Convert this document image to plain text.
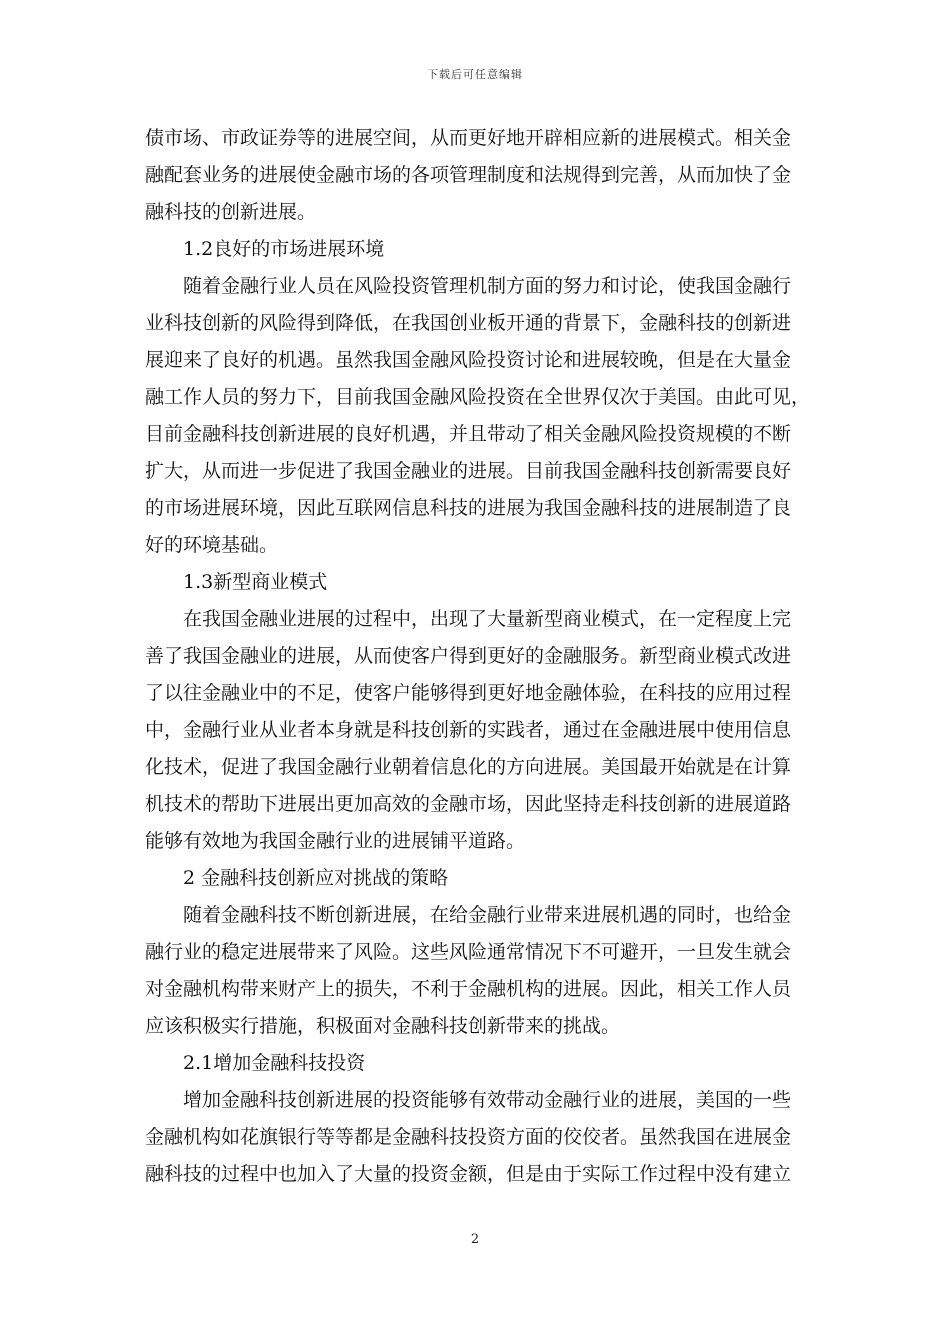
下载后可任意编辑
债市场、市政证券等的进展空间，从而更好地开辟相应新的进展模式。相关金
融配套业务的进展使金融市场的各项管理制度和法规得到完善，从而加快了金
融科技的创新进展。
1.2良好的市场进展环境
随着金融行业人员在风险投资管理机制方面的努力和讨论，使我国金融行
业科技创新的风险得到降低，在我国创业板开通的背景下，金融科技的创新进
展迎来了良好的机遇。虽然我国金融风险投资讨论和进展较晚，但是在大量金
融工作人员的努力下，目前我国金融风险投资在全世界仅次于美国。由此可见，
目前金融科技创新进展的良好机遇，并且带动了相关金融风险投资规模的不断
扩大，从而进一步促进了我国金融业的进展。目前我国金融科技创新需要良好
的市场进展环境，因此互联网信息科技的进展为我国金融科技的进展制造了良
好的环境基础。
1.3新型商业模式
在我国金融业进展的过程中，出现了大量新型商业模式，在一定程度上完
善了我国金融业的进展，从而使客户得到更好的金融服务。新型商业模式改进
了以往金融业中的不足，使客户能够得到更好地金融体验，在科技的应用过程
中，金融行业从业者本身就是科技创新的实践者，通过在金融进展中使用信息
化技术，促进了我国金融行业朝着信息化的方向进展。美国最开始就是在计算
机技术的帮助下进展出更加高效的金融市场，因此坚持走科技创新的进展道路
能够有效地为我国金融行业的进展铺平道路。
2 金融科技创新应对挑战的策略
随着金融科技不断创新进展，在给金融行业带来进展机遇的同时，也给金
融行业的稳定进展带来了风险。这些风险通常情况下不可避开，一旦发生就会
对金融机构带来财产上的损失，不利于金融机构的进展。因此，相关工作人员
应该积极实行措施，积极面对金融科技创新带来的挑战。
2.1增加金融科技投资
增加金融科技创新进展的投资能够有效带动金融行业的进展，美国的一些
金融机构如花旗银行等等都是金融科技投资方面的佼佼者。虽然我国在进展金
融科技的过程中也加入了大量的投资金额，但是由于实际工作过程中没有建立
2
